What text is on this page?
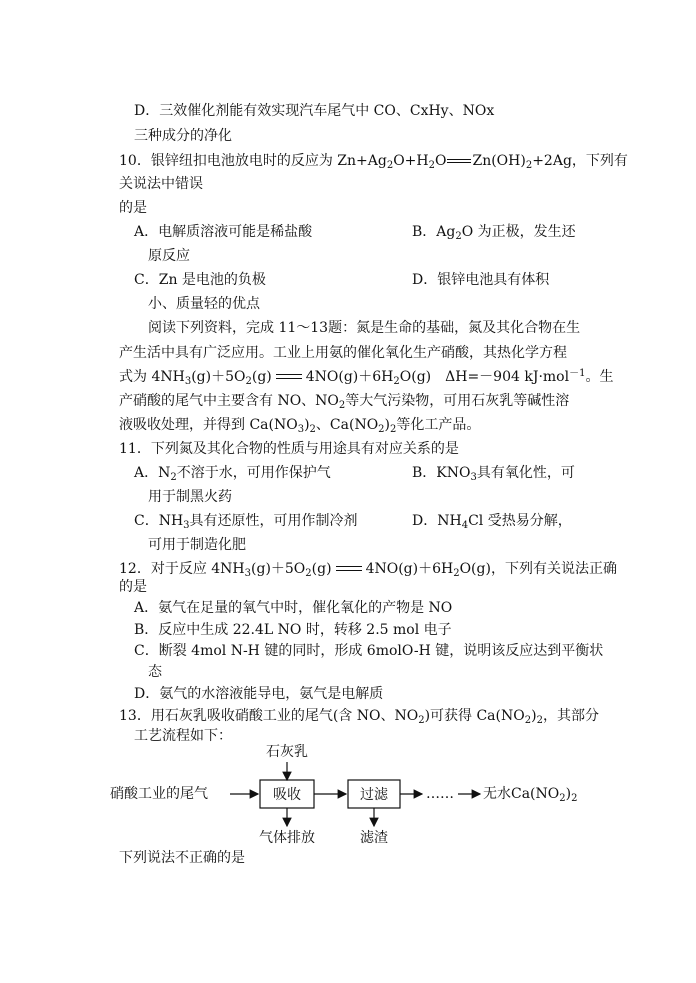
D．三效催化剂能有效实现汽车尾气中 CO、CxHy、NOx
三种成分的净化
10．银锌纽扣电池放电时的反应为 $Zn+Ag_2O+H_2O$ $Zn(OH)_2+2Ag$，下列有
关说法中错误
的是
A．电解质溶液可能是稀盐酸	B．$Ag_2O$ 为正极，发生还
原反应
C．Zn 是电池的负极	D．银锌电池具有体积
小、质量轻的优点
阅读下列资料，完成 11～13题：氮是生命的基础，氮及其化合物在生
产生活中具有广泛应用。工业上用氨的催化氧化生产硝酸，其热化学方程
式为 $4NH_3(g)+5O_2(g)$ $4NO(g)+6H_2O(g)$　ΔH=－904 kJ·mol$^{-1}$。生
产硝酸的尾气中主要含有 NO、$NO_2$等大气污染物，可用石灰乳等碱性溶
液吸收处理，并得到 $Ca(NO_3)_2$、$Ca(NO_2)_2$等化工产品。
11．下列氮及其化合物的性质与用途具有对应关系的是
A．$N_2$不溶于水，可用作保护气	B．$KNO_3$具有氧化性，可
用于制黑火药
C．$NH_3$具有还原性，可用作制冷剂	D．$NH_4Cl$ 受热易分解，
可用于制造化肥
12．对于反应 $4NH_3(g)+5O_2(g)$ $4NO(g)+6H_2O(g)$，下列有关说法正确
的是
A．氨气在足量的氧气中时，催化氧化的产物是 NO
B．反应中生成 22.4L NO 时，转移 2.5 mol 电子
C．断裂 4mol N-H 键的同时，形成 6molO-H 键，说明该反应达到平衡状
态
D．氨气的水溶液能导电，氨气是电解质
13．用石灰乳吸收硝酸工业的尾气(含 NO、$NO_2$)可获得 $Ca(NO_2)_2$，其部分
工艺流程如下：
石灰乳
硝酸工业的尾气	吸收	过滤	…… 无水$Ca(NO_2)_2$
气体排放	滤渣
下列说法不正确的是
